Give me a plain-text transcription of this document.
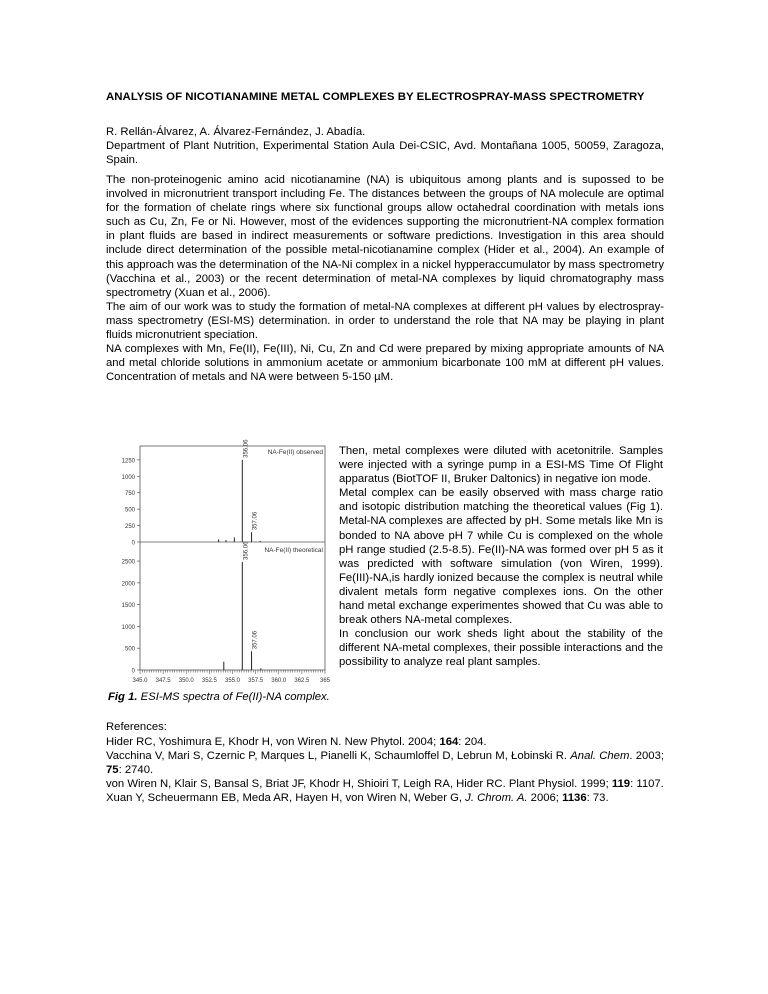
ANALYSIS OF NICOTIANAMINE METAL COMPLEXES BY ELECTROSPRAY-MASS SPECTROMETRY
R. Rellán-Álvarez, A. Álvarez-Fernández, J. Abadía.
Department of Plant Nutrition, Experimental Station Aula Dei-CSIC, Avd. Montañana 1005, 50059, Zaragoza, Spain.

The non-proteinogenic amino acid nicotianamine (NA) is ubiquitous among plants and is supossed to be involved in micronutrient transport including Fe. The distances between the groups of NA molecule are optimal for the formation of chelate rings where six functional groups allow octahedral coordination with metals ions such as Cu, Zn, Fe or Ni. However, most of the evidences supporting the micronutrient-NA complex formation in plant fluids are based in indirect measurements or software predictions. Investigation in this area should include direct determination of the possible metal-nicotianamine complex (Hider et al., 2004). An example of this approach was the determination of the NA-Ni complex in a nickel hypperaccumulator by mass spectrometry (Vacchina et al., 2003) or the recent determination of metal-NA complexes by liquid chromatography mass spectrometry (Xuan et al., 2006).

The aim of our work was to study the formation of metal-NA complexes at different pH values by electrospray-mass spectrometry (ESI-MS) determination. in order to understand the role that NA may be playing in plant fluids micronutrient speciation.

NA complexes with Mn, Fe(II), Fe(III), Ni, Cu, Zn and Cd were prepared by mixing appropriate amounts of NA and metal chloride solutions in ammonium acetate or ammonium bicarbonate 100 mM at different pH values. Concentration of metals and NA were between 5-150 µM.

Then, metal complexes were diluted with acetonitrile. Samples were injected with a syringe pump in a ESI-MS Time Of Flight apparatus (BiotTOF II, Bruker Daltonics) in negative ion mode.

Metal complex can be easily observed with mass charge ratio and isotopic distribution matching the theoretical values (Fig 1). Metal-NA complexes are affected by pH. Some metals like Mn is bonded to NA above pH 7 while Cu is complexed on the whole pH range studied (2.5-8.5). Fe(II)-NA was formed over pH 5 as it was predicted with software simulation (von Wiren, 1999). Fe(III)-NA,is hardly ionized because the complex is neutral while divalent metals form negative complexes ions. On the other hand metal exchange experimentes showed that Cu was able to break others NA-metal complexes.

In conclusion our work sheds light about the stability of the different NA-metal complexes, their possible interactions and the possibility to analyze real plant samples.

0
250
500
750
1000
1250
NA-Fe(II) observed
356.06
357.06
0
500
1000
1500
2000
2500
NA-Fe(II) theoretical
356.06
357.06
345.0 347.5 350.0 352.5 355.0 357.5 360.0 362.5 365
Fig 1. ESI-MS spectra of Fe(II)-NA complex.

References:

Hider RC, Yoshimura E, Khodr H, von Wiren N. New Phytol. 2004; 164: 204.

Vacchina V, Mari S, Czernic P, Marques L, Pianelli K, Schaumloffel D, Lebrun M, Łobinski R. Anal. Chem. 2003; 75: 2740.

von Wiren N, Klair S, Bansal S, Briat JF, Khodr H, Shioiri T, Leigh RA, Hider RC. Plant Physiol. 1999; 119: 1107.

Xuan Y, Scheuermann EB, Meda AR, Hayen H, von Wiren N, Weber G, J. Chrom. A. 2006; 1136: 73.
